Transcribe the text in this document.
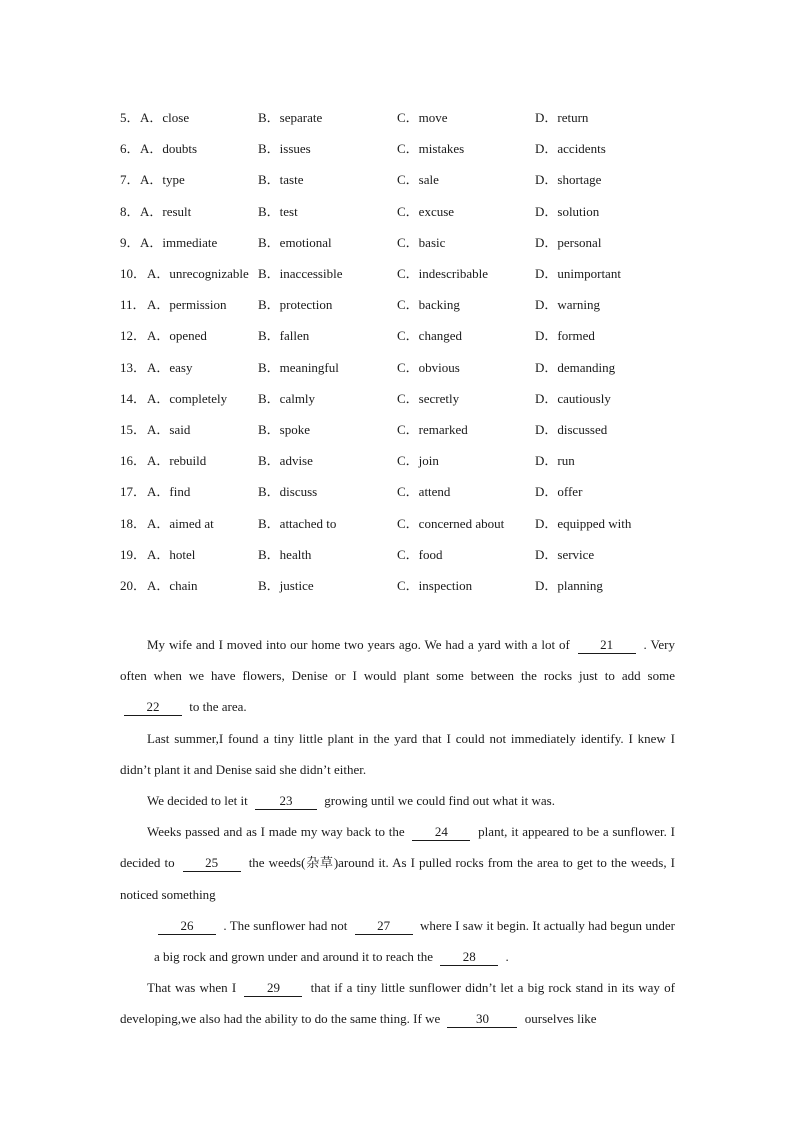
5． A．close	B．separate	C．move	D．return
6． A．doubts	B．issues	C．mistakes	D．accidents
7． A．type	B．taste	C．sale	D．shortage
8． A．result	B．test	C．excuse	D．solution
9． A．immediate	B．emotional	C．basic	D．personal
10． A．unrecognizable B．inaccessible	C．indescribable	D．unimportant
11． A．permission B．protection	C．backing	D．warning
12． A．opened	B．fallen	C．changed	D．formed
13． A．easy	B．meaningful	C．obvious	D．demanding
14． A．completely B．calmly	C．secretly	D．cautiously
15． A．said	B．spoke	C．remarked	D．discussed
16． A．rebuild	B．advise	C．join	D．run
17． A．find	B．discuss	C．attend	D．offer
18． A．aimed at	B．attached to	C．concerned about D．equipped with
19． A．hotel	B．health	C．food	D．service
20． A．chain	B．justice	C．inspection	D．planning

My wife and I moved into our home two years ago. We had a yard with a lot of 21 . Very often when we have flowers, Denise or I would plant some between the rocks just to add some 22 to the area.

Last summer,I found a tiny little plant in the yard that I could not immediately identify. I knew I didn’t plant it and Denise said she didn’t either.

We decided to let it 23 growing until we could find out what it was.

Weeks passed and as I made my way back to the 24 plant, it appeared to be a sunflower. I decided to 25 the weeds(杂草)around it. As I pulled rocks from the area to get to the weeds, I noticed something

26 . The sunflower had not 27 where I saw it begin. It actually had begun under a big rock and grown under and around it to reach the 28 .

That was when I 29 that if a tiny little sunflower didn’t let a big rock stand in its way of developing,we also had the ability to do the same thing. If we	30	ourselves like
